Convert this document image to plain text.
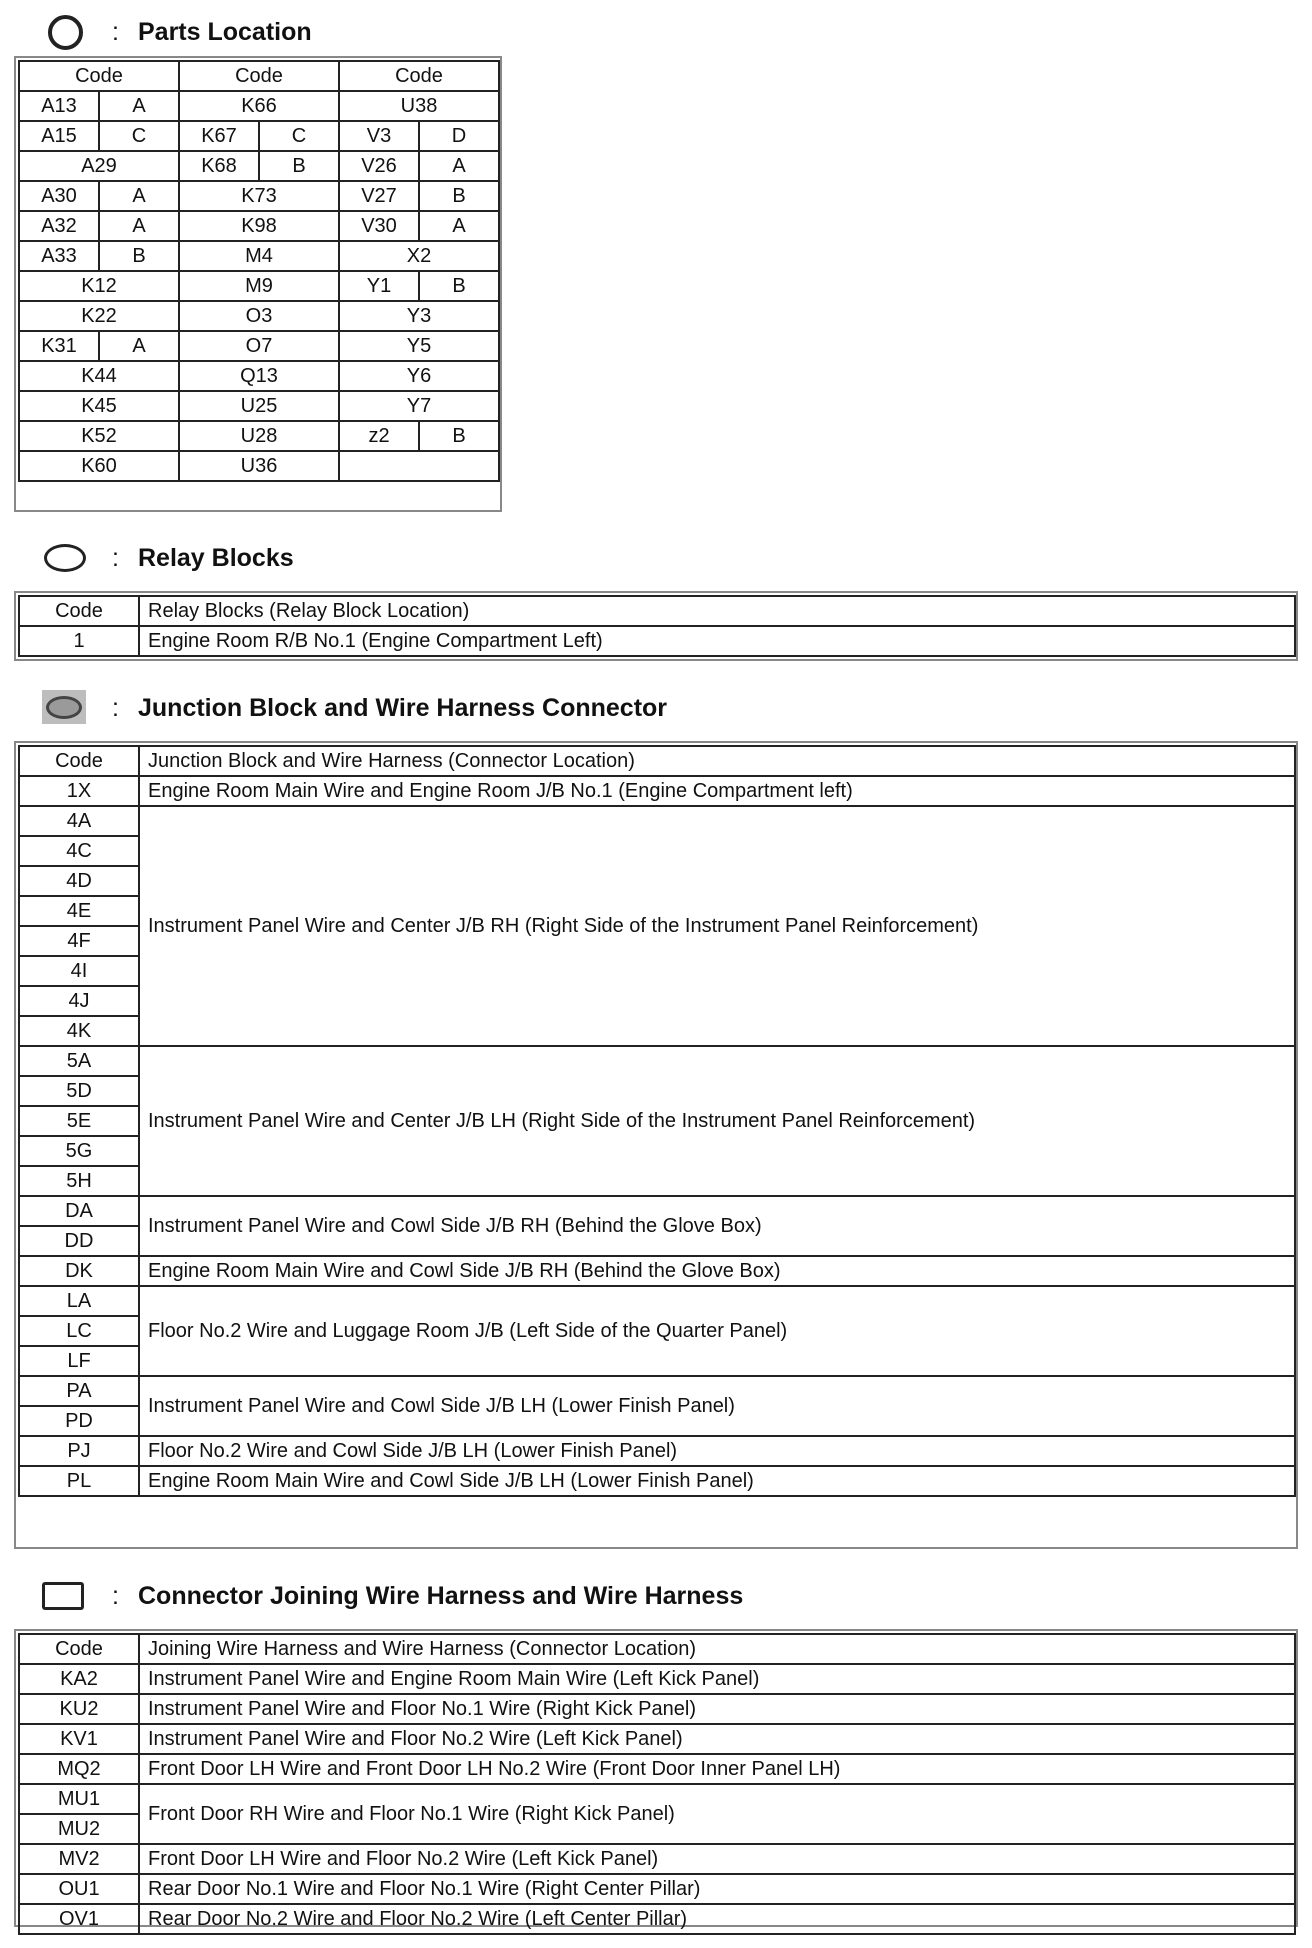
: Parts Location
Code		Code		Code	
A13	A	K66		U38	
A15	C	K67	C	V3	D
A29		K68	B	V26	A
A30	A	K73		V27	B
A32	A	K98		V30	A
A33	B	M4		X2	
K12		M9		Y1	B
K22		O3		Y3	
K31	A	O7		Y5	
K44		Q13		Y6	
K45		U25		Y7	
K52		U28		z2	B
K60		U36			
: Relay Blocks
Code	Relay Blocks (Relay Block Location)
1	Engine Room R/B No.1 (Engine Compartment Left)
: Junction Block and Wire Harness Connector
Code	Junction Block and Wire Harness (Connector Location)
1X	Engine Room Main Wire and Engine Room J/B No.1 (Engine Compartment left)
4A	Instrument Panel Wire and Center J/B RH (Right Side of the Instrument Panel Reinforcement)
4C	
4D	
4E	
4F	
4I	
4J	
4K	
5A	Instrument Panel Wire and Center J/B LH (Right Side of the Instrument Panel Reinforcement)
5D	
5E	
5G	
5H	
DA	Instrument Panel Wire and Cowl Side J/B RH (Behind the Glove Box)
DD	
DK	Engine Room Main Wire and Cowl Side J/B RH (Behind the Glove Box)
LA	Floor No.2 Wire and Luggage Room J/B (Left Side of the Quarter Panel)
LC	
LF	
PA	Instrument Panel Wire and Cowl Side J/B LH (Lower Finish Panel)
PD	
PJ	Floor No.2 Wire and Cowl Side J/B LH (Lower Finish Panel)
PL	Engine Room Main Wire and Cowl Side J/B LH (Lower Finish Panel)
: Connector Joining Wire Harness and Wire Harness
Code	Joining Wire Harness and Wire Harness (Connector Location)
KA2	Instrument Panel Wire and Engine Room Main Wire (Left Kick Panel)
KU2	Instrument Panel Wire and Floor No.1 Wire (Right Kick Panel)
KV1	Instrument Panel Wire and Floor No.2 Wire (Left Kick Panel)
MQ2	Front Door LH Wire and Front Door LH No.2 Wire (Front Door Inner Panel LH)
MU1	Front Door RH Wire and Floor No.1 Wire (Right Kick Panel)
MU2	
MV2	Front Door LH Wire and Floor No.2 Wire (Left Kick Panel)
OU1	Rear Door No.1 Wire and Floor No.1 Wire (Right Center Pillar)
OV1	Rear Door No.2 Wire and Floor No.2 Wire (Left Center Pillar)
